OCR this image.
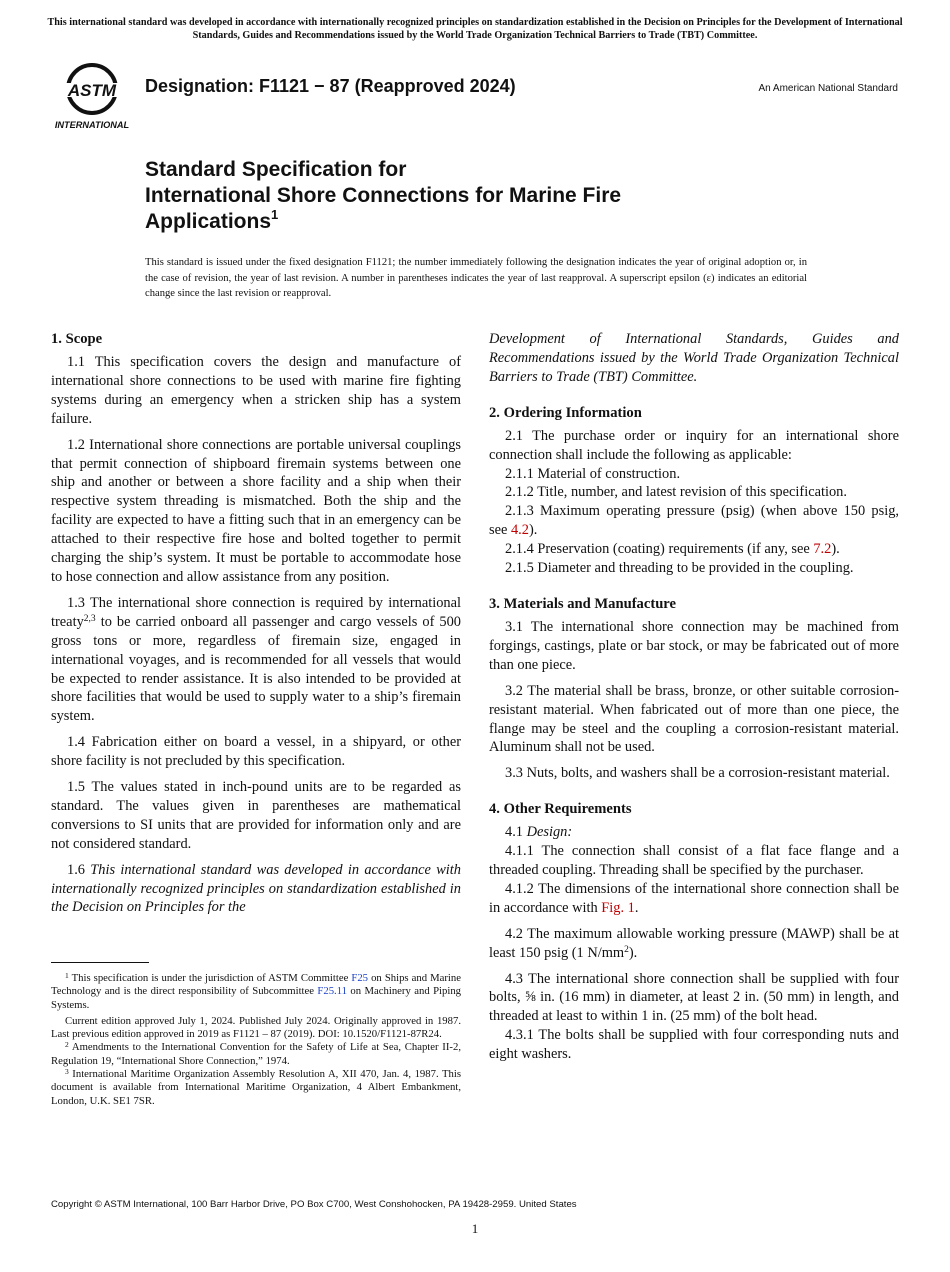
This international standard was developed in accordance with internationally recognized principles on standardization established in the Decision on Principles for the Development of International Standards, Guides and Recommendations issued by the World Trade Organization Technical Barriers to Trade (TBT) Committee.
ASTM
INTERNATIONAL
Designation: F1121 − 87 (Reapproved 2024)	An American National Standard
Standard Specification for
International Shore Connections for Marine Fire
Applications$^1$
This standard is issued under the fixed designation F1121; the number immediately following the designation indicates the year of original adoption or, in the case of revision, the year of last revision. A number in parentheses indicates the year of last reapproval. A superscript epsilon (ε) indicates an editorial change since the last revision or reapproval.
1. Scope

1.1 This specification covers the design and manufacture of international shore connections to be used with marine fire fighting systems during an emergency when a stricken ship has a system failure.

1.2 International shore connections are portable universal couplings that permit connection of shipboard firemain systems between one ship and another or between a shore facility and a ship when their respective system threading is mismatched. Both the ship and the facility are expected to have a fitting such that in an emergency can be attached to their respective fire hose and bolted together to permit charging the ship’s system. It must be portable to accommodate hose to hose connection and allow assistance from any position.

1.3 The international shore connection is required by international treaty$^{2,3}$ to be carried onboard all passenger and cargo vessels of 500 gross tons or more, regardless of firemain size, engaged in international voyages, and is recommended for all vessels that would be expected to render assistance. It is also intended to be provided at shore facilities that would be used to supply water to a ship’s firemain system.

1.4 Fabrication either on board a vessel, in a shipyard, or other shore facility is not precluded by this specification.

1.5 The values stated in inch-pound units are to be regarded as standard. The values given in parentheses are mathematical conversions to SI units that are provided for information only and are not considered standard.

1.6 This international standard was developed in accordance with internationally recognized principles on standardization established in the Decision on Principles for the

$^1$ This specification is under the jurisdiction of ASTM Committee F25 on Ships and Marine Technology and is the direct responsibility of Subcommittee F25.11 on Machinery and Piping Systems.

Current edition approved July 1, 2024. Published July 2024. Originally approved in 1987. Last previous edition approved in 2019 as F1121 – 87 (2019). DOI: 10.1520/F1121-87R24.

$^2$ Amendments to the International Convention for the Safety of Life at Sea, Chapter II-2, Regulation 19, “International Shore Connection,” 1974.

$^3$ International Maritime Organization Assembly Resolution A, XII 470, Jan. 4, 1987. This document is available from International Maritime Organization, 4 Albert Embankment, London, U.K. SE1 7SR.

Development of International Standards, Guides and Recommendations issued by the World Trade Organization Technical Barriers to Trade (TBT) Committee.

2. Ordering Information

2.1 The purchase order or inquiry for an international shore connection shall include the following as applicable:

2.1.1 Material of construction.

2.1.2 Title, number, and latest revision of this specification.

2.1.3 Maximum operating pressure (psig) (when above 150 psig, see 4.2).

2.1.4 Preservation (coating) requirements (if any, see 7.2).

2.1.5 Diameter and threading to be provided in the coupling.

3. Materials and Manufacture

3.1 The international shore connection may be machined from forgings, castings, plate or bar stock, or may be fabricated out of more than one piece.

3.2 The material shall be brass, bronze, or other suitable corrosion-resistant material. When fabricated out of more than one piece, the flange may be steel and the coupling a corrosion-resistant material. Aluminum shall not be used.

3.3 Nuts, bolts, and washers shall be a corrosion-resistant material.

4. Other Requirements

4.1 Design:

4.1.1 The connection shall consist of a flat face flange and a threaded coupling. Threading shall be specified by the purchaser.

4.1.2 The dimensions of the international shore connection shall be in accordance with Fig. 1.

4.2 The maximum allowable working pressure (MAWP) shall be at least 150 psig (1 $N/mm^2$).

4.3 The international shore connection shall be supplied with four bolts, ⅝ in. (16 mm) in diameter, at least 2 in. (50 mm) in length, and threaded at least to within 1 in. (25 mm) of the bolt head.

4.3.1 The bolts shall be supplied with four corresponding nuts and eight washers.

Copyright © ASTM International, 100 Barr Harbor Drive, PO Box C700, West Conshohocken, PA 19428-2959. United States
1
